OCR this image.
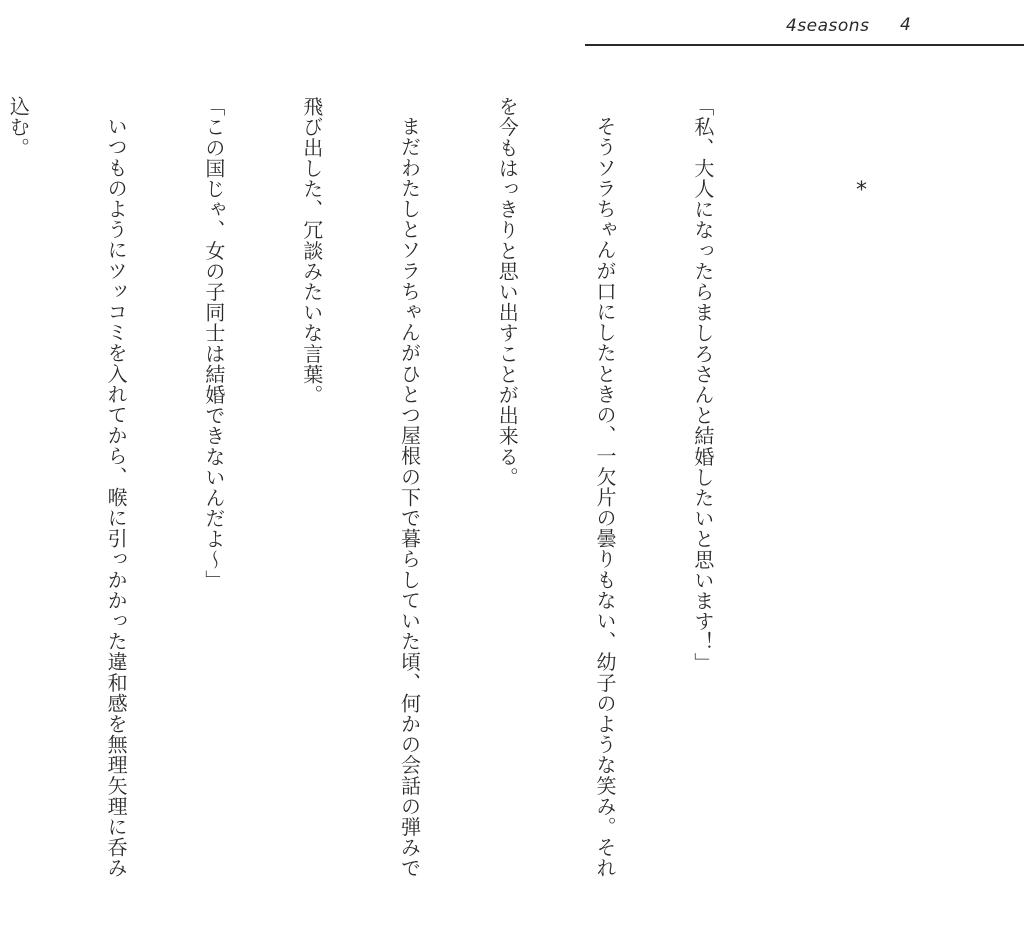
4seasons 4
*

「私、大人になったらましろさんと結婚したいと思います！」

そうソラちゃんが口にしたときの、一欠片の曇りもない、幼子のような笑み。それ

を今もはっきりと思い出すことが出来る。

まだわたしとソラちゃんがひとつ屋根の下で暮らしていた頃、何かの会話の弾みで

飛び出した、冗談みたいな言葉。

「この国じゃ、女の子同士は結婚できないんだよ～」

いつものようにツッコミを入れてから、喉に引っかかった違和感を無理矢理に呑み

込む。
